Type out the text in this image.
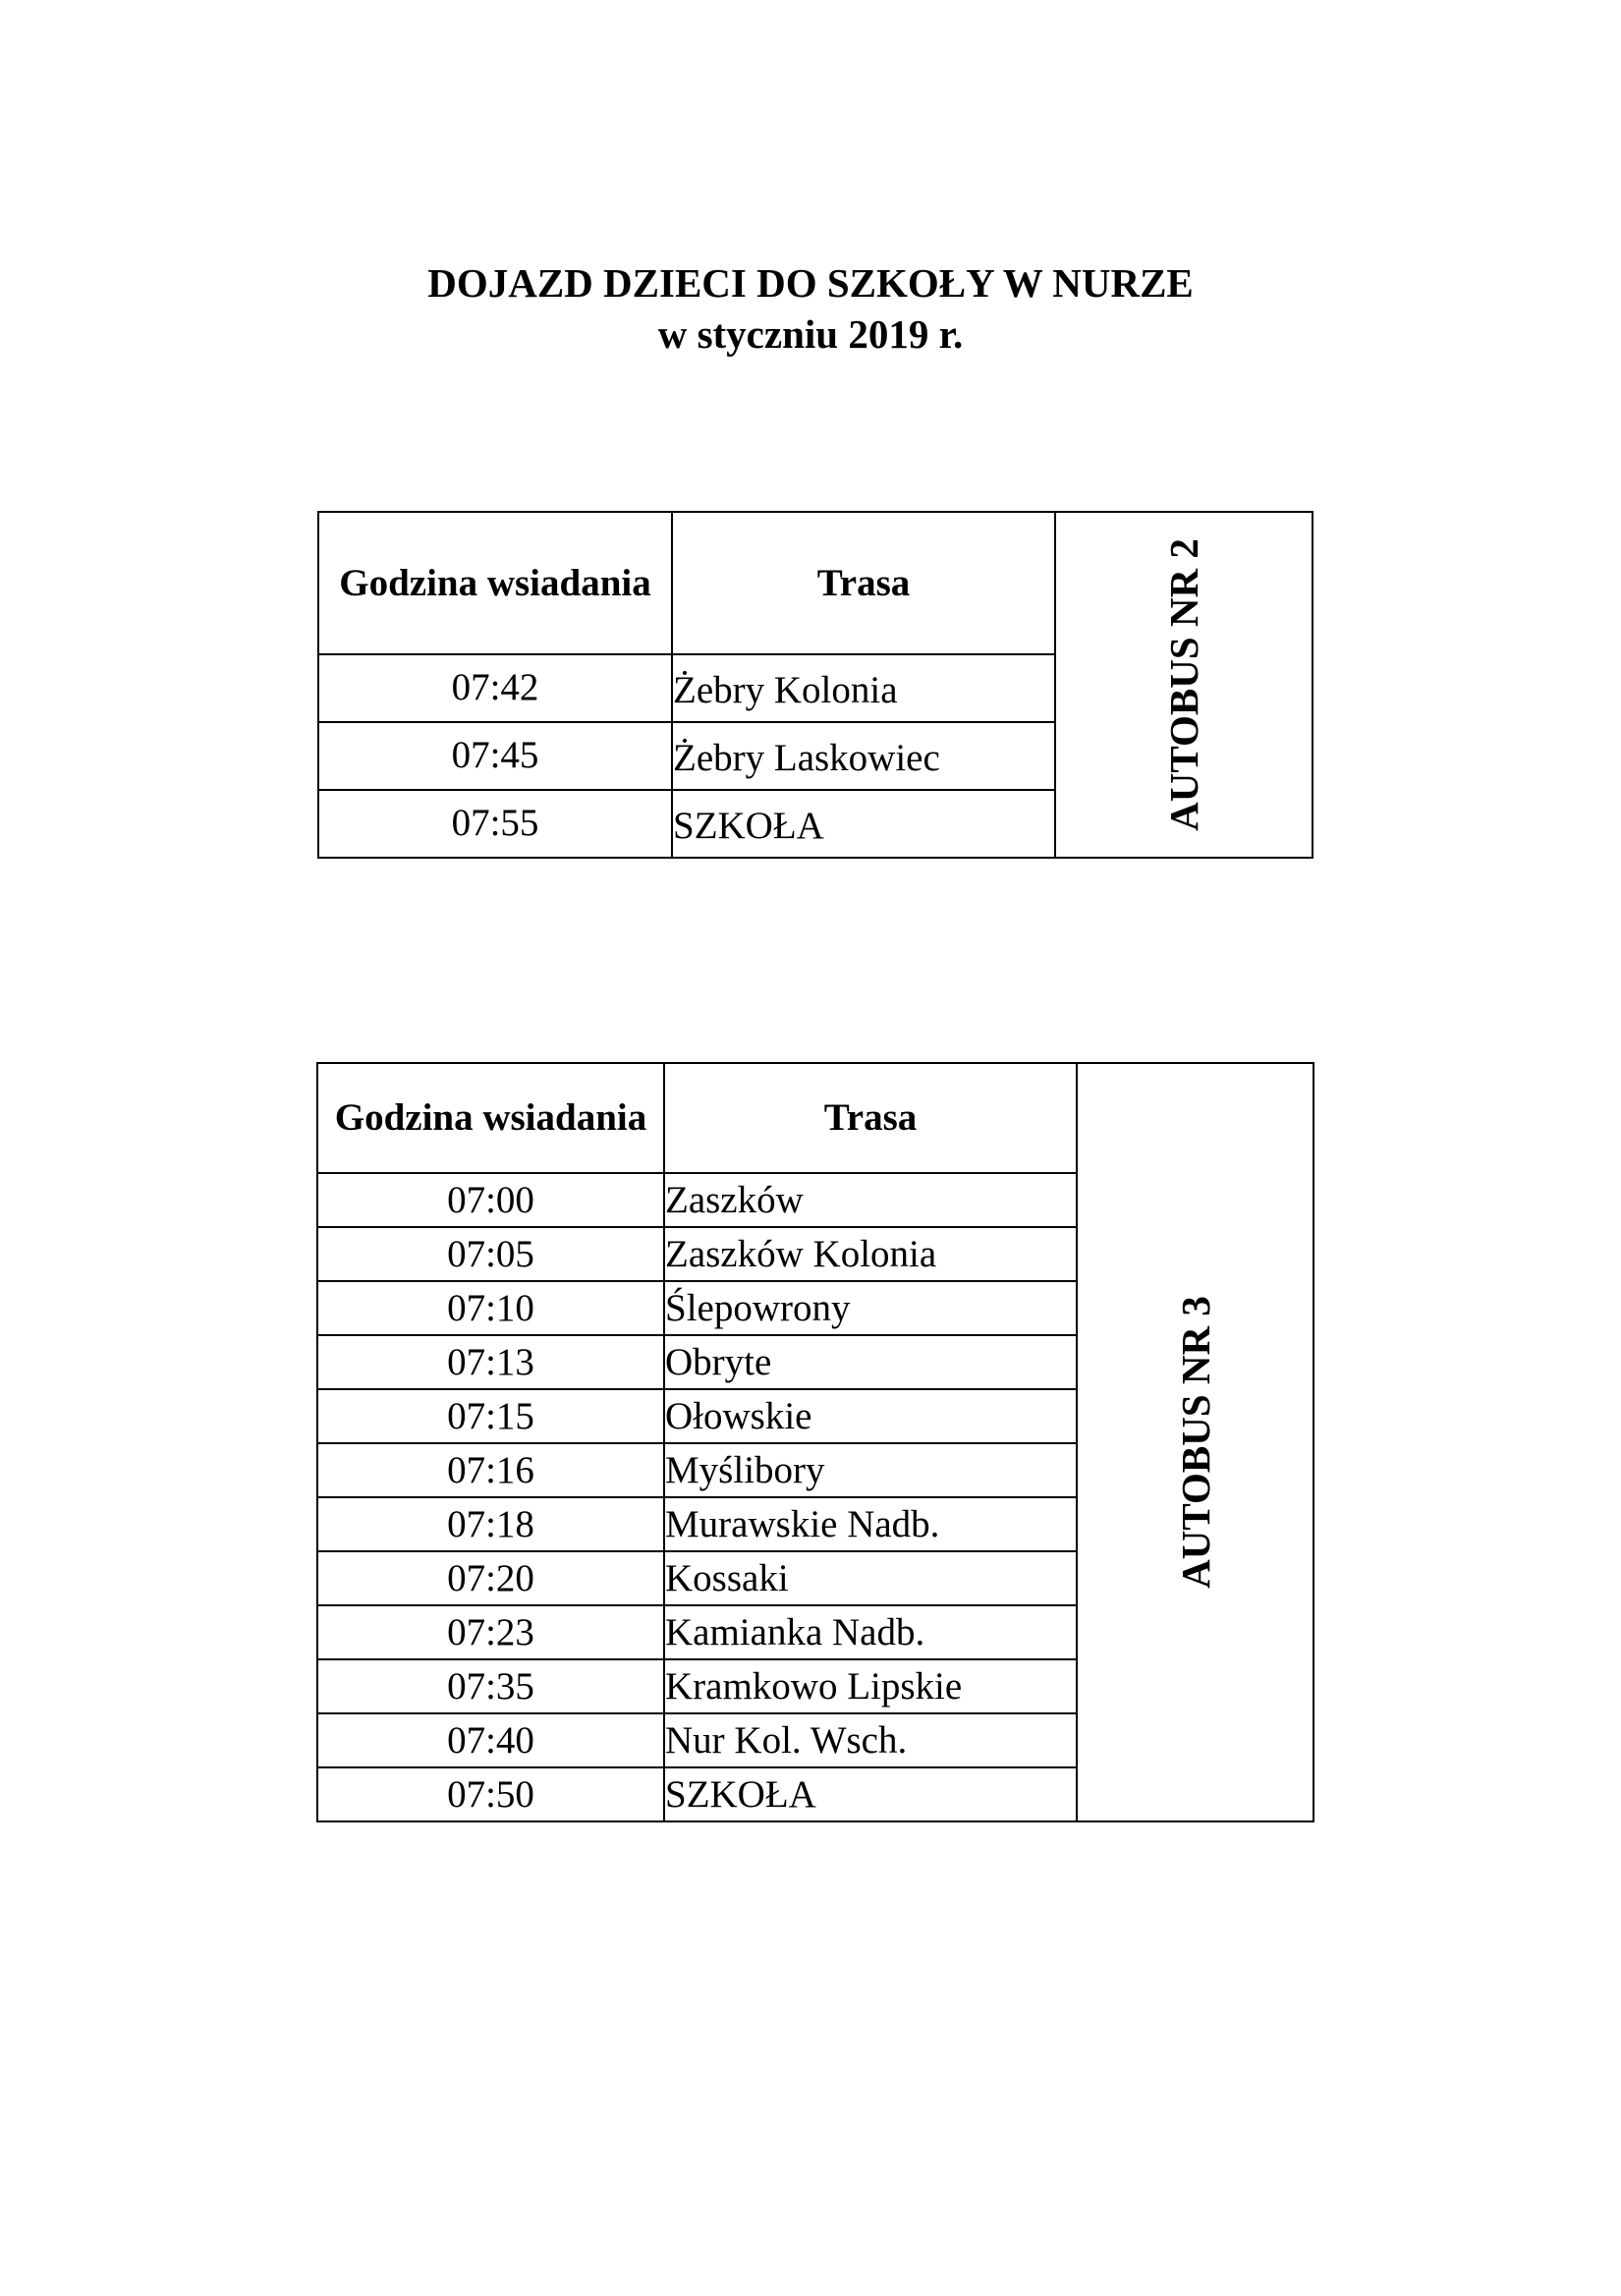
DOJAZD DZIECI DO SZKOŁY W NURZE
w styczniu 2019 r.
Godzina wsiadania	Trasa	AUTOBUS NR 2

07:42	Żebry Kolonia	
07:45	Żebry Laskowiec	
07:55	SZKOŁA	
Godzina wsiadania	Trasa	AUTOBUS NR 3

07:00	Zaszków	
07:05	Zaszków Kolonia	
07:10	Ślepowrony	
07:13	Obryte	
07:15	Ołowskie	
07:16	Myślibory	
07:18	Murawskie Nadb.	
07:20	Kossaki	
07:23	Kamianka Nadb.	
07:35	Kramkowo Lipskie	
07:40	Nur Kol. Wsch.	
07:50	SZKOŁA	
